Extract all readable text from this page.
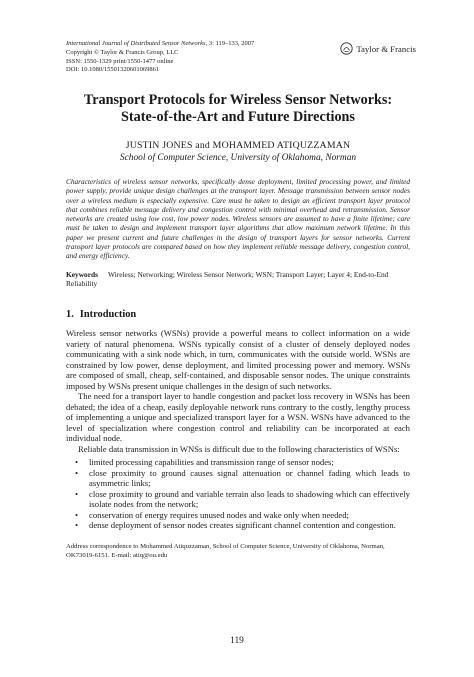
International Journal of Distributed Sensor Networks, 3: 119–133, 2007
Copyright © Taylor & Francis Group, LLC
ISSN: 1550-1329 print/1550-1477 online
DOI: 10.1080/15501320601069861
Taylor & Francis
Transport Protocols for Wireless Sensor Networks:
State-of-the-Art and Future Directions
JUSTIN JONES and MOHAMMED ATIQUZZAMAN
School of Computer Science, University of Oklahoma, Norman

Characteristics of wireless sensor networks, specifically dense deployment, limited processing power, and limited power supply, provide unique design challenges at the transport layer. Message transmission between sensor nodes over a wireless medium is especially expensive. Care must be taken to design an efficient transport layer protocol that combines reliable message delivery and congestion control with minimal overhead and retransmission. Sensor networks are created using low cost, low power nodes. Wireless sensors are assumed to have a finite lifetime; care must be taken to design and implement transport layer algorithms that allow maximum network lifetime. In this paper we present current and future challenges in the design of transport layers for sensor networks. Current transport layer protocols are compared based on how they implement reliable message delivery, congestion control, and energy efficiency.

Keywords Wireless; Networking; Wireless Sensor Network; WSN; Transport Layer; Layer 4; End-to-End Reliability
1. Introduction

Wireless sensor networks (WSNs) provide a powerful means to collect information on a wide variety of natural phenomena. WSNs typically consist of a cluster of densely deployed nodes communicating with a sink node which, in turn, communicates with the outside world. WSNs are constrained by low power, dense deployment, and limited processing power and memory. WSNs are composed of small, cheap, self-contained, and disposable sensor nodes. The unique constraints imposed by WSNs present unique challenges in the design of such networks.

The need for a transport layer to handle congestion and packet loss recovery in WSNs has been debated; the idea of a cheap, easily deployable network runs contrary to the costly, lengthy process of implementing a unique and specialized transport layer for a WSN. WSNs have advanced to the level of specialization where congestion control and reliability can be incorporated at each individual node.

Reliable data transmission in WNSs is difficult due to the following characteristics of WSNs:

• limited processing capabilities and transmission range of sensor nodes;
• close proximity to ground causes signal attenuation or channel fading which leads to asymmetric links;
• close proximity to ground and variable terrain also leads to shadowing which can effectively isolate nodes from the network;
• conservation of energy requires unused nodes and wake only when needed;
• dense deployment of sensor nodes creates significant channel contention and congestion.
Address correspondence to Mohammed Atiquzzaman, School of Computer Science, University of Oklahoma, Norman, OK73019-6151. E-mail: atiq@ou.edu
119
